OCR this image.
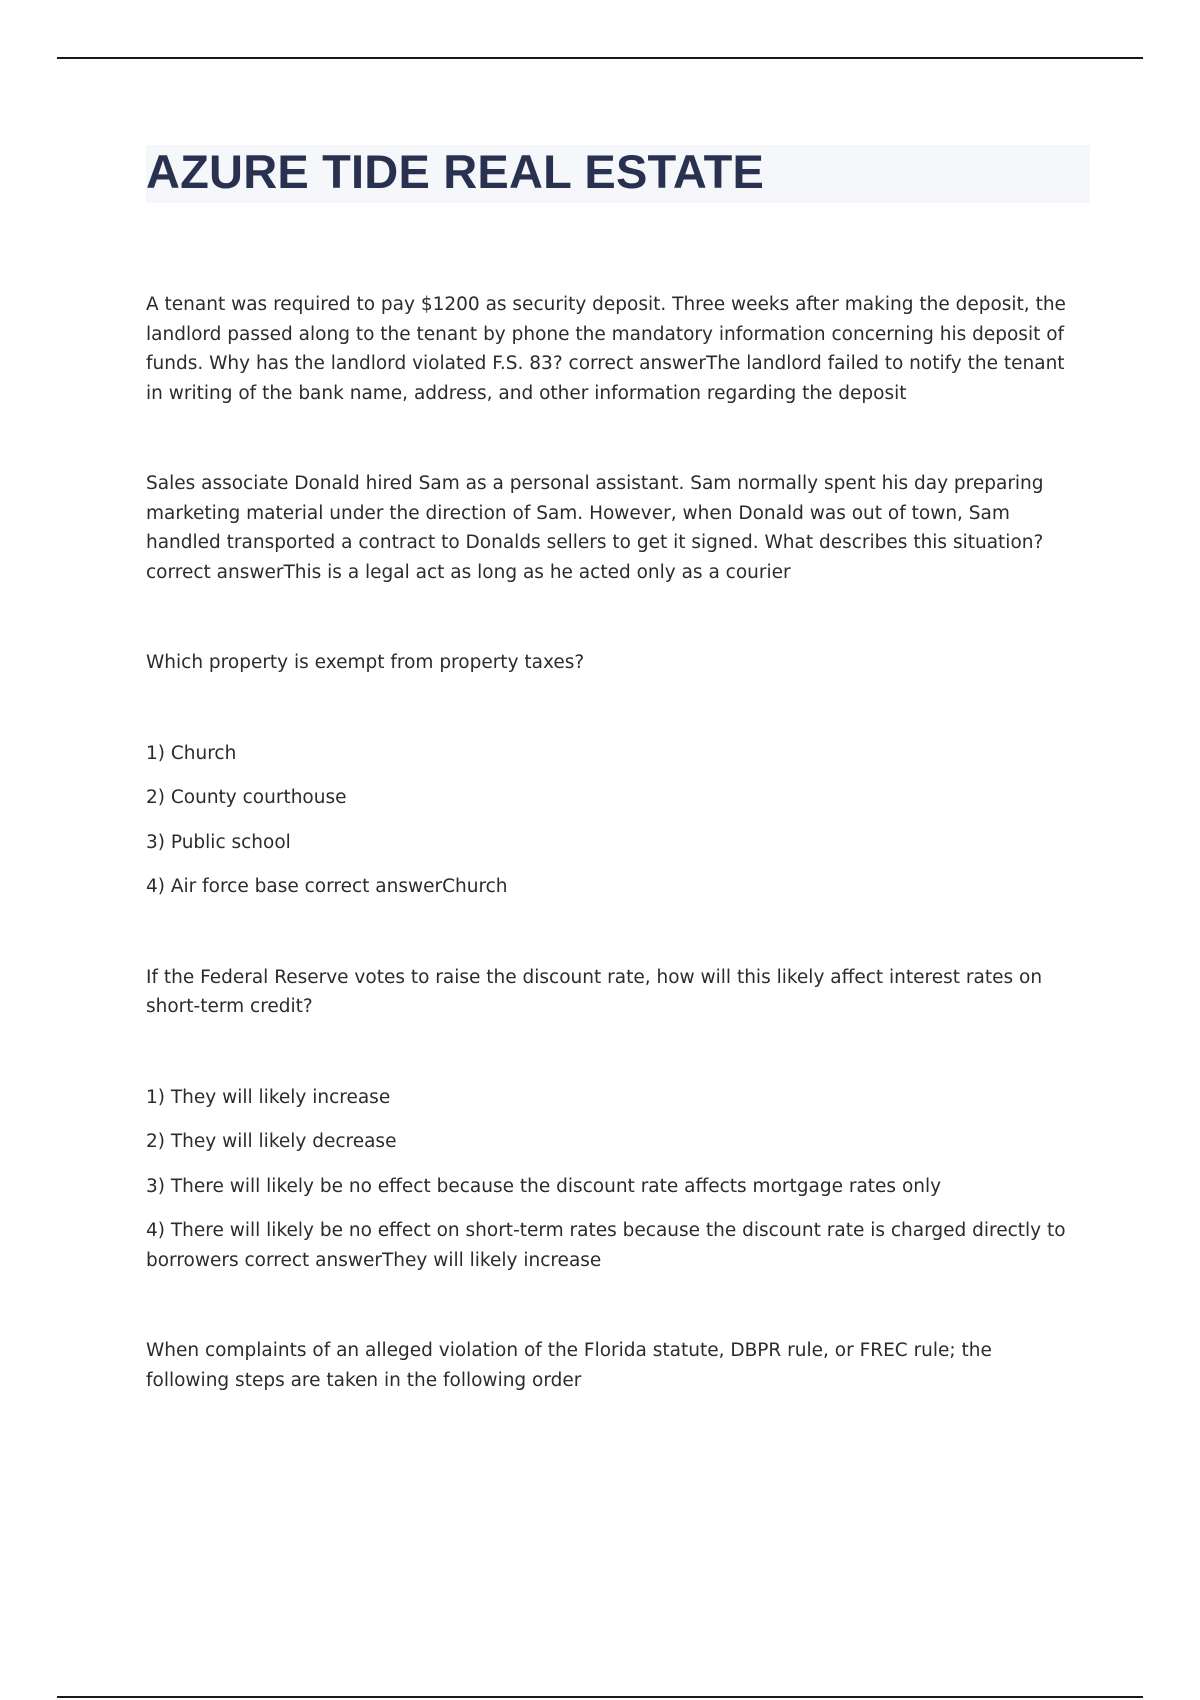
AZURE TIDE REAL ESTATE

A tenant was required to pay $1200 as security deposit. Three weeks after making the deposit, the landlord passed along to the tenant by phone the mandatory information concerning his deposit of funds. Why has the landlord violated F.S. 83? correct answerThe landlord failed to notify the tenant in writing of the bank name, address, and other information regarding the deposit

Sales associate Donald hired Sam as a personal assistant. Sam normally spent his day preparing marketing material under the direction of Sam. However, when Donald was out of town, Sam handled transported a contract to Donalds sellers to get it signed. What describes this situation? correct answerThis is a legal act as long as he acted only as a courier

Which property is exempt from property taxes?

1) Church

2) County courthouse

3) Public school

4) Air force base correct answerChurch

If the Federal Reserve votes to raise the discount rate, how will this likely affect interest rates on short-term credit?

1) They will likely increase

2) They will likely decrease

3) There will likely be no effect because the discount rate affects mortgage rates only

4) There will likely be no effect on short-term rates because the discount rate is charged directly to borrowers correct answerThey will likely increase

When complaints of an alleged violation of the Florida statute, DBPR rule, or FREC rule; the following steps are taken in the following order
